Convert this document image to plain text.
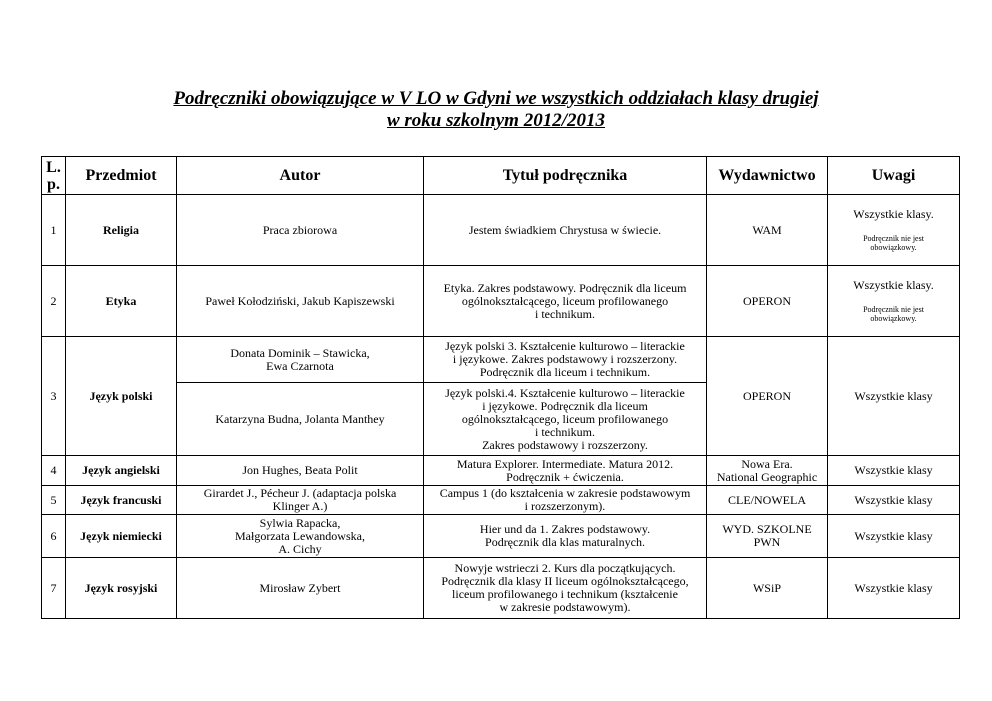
Podręczniki obowiązujące w V LO w Gdyni we wszystkich oddziałach klasy drugiej
w roku szkolnym 2012/2013
L.
p.	Przedmiot	Autor	Tytuł podręcznika	Wydawnictwo	Uwagi
1	Religia	Praca zbiorowa	Jestem świadkiem Chrystusa w świecie.	WAM	Wszystkie klasy.

Podręcznik nie jest
obowiązkowy.

2	Etyka	Paweł Kołodziński, Jakub Kapiszewski	Etyka. Zakres podstawowy. Podręcznik dla liceum
ogólnokształcącego, liceum profilowanego
i technikum.	OPERON	Wszystkie klasy.

Podręcznik nie jest
obowiązkowy.

3	Język polski	Donata Dominik – Stawicka,
Ewa Czarnota	Język polski 3. Kształcenie kulturowo – literackie
i językowe. Zakres podstawowy i rozszerzony.
Podręcznik dla liceum i technikum.	OPERON	Wszystkie klasy
		Katarzyna Budna, Jolanta Manthey	Język polski.4. Kształcenie kulturowo – literackie
i językowe. Podręcznik dla liceum
ogólnokształcącego, liceum profilowanego
i technikum.
Zakres podstawowy i rozszerzony.		
4	Język angielski	Jon Hughes, Beata Polit	Matura Explorer. Intermediate. Matura 2012.
Podręcznik + ćwiczenia.	Nowa Era.
National Geographic	Wszystkie klasy
5	Język francuski	Girardet J., Pécheur J. (adaptacja polska
Klinger A.)	Campus 1 (do kształcenia w zakresie podstawowym
i rozszerzonym).	CLE/NOWELA	Wszystkie klasy
6	Język niemiecki	Sylwia Rapacka,
Małgorzata Lewandowska,
A. Cichy	Hier und da 1. Zakres podstawowy.
Podręcznik dla klas maturalnych.	WYD. SZKOLNE
PWN	Wszystkie klasy
7	Język rosyjski	Mirosław Zybert	Nowyje wstrieczi 2. Kurs dla początkujących.
Podręcznik dla klasy II liceum ogólnokształcącego,
liceum profilowanego i technikum (kształcenie
w zakresie podstawowym).	WSiP	Wszystkie klasy
